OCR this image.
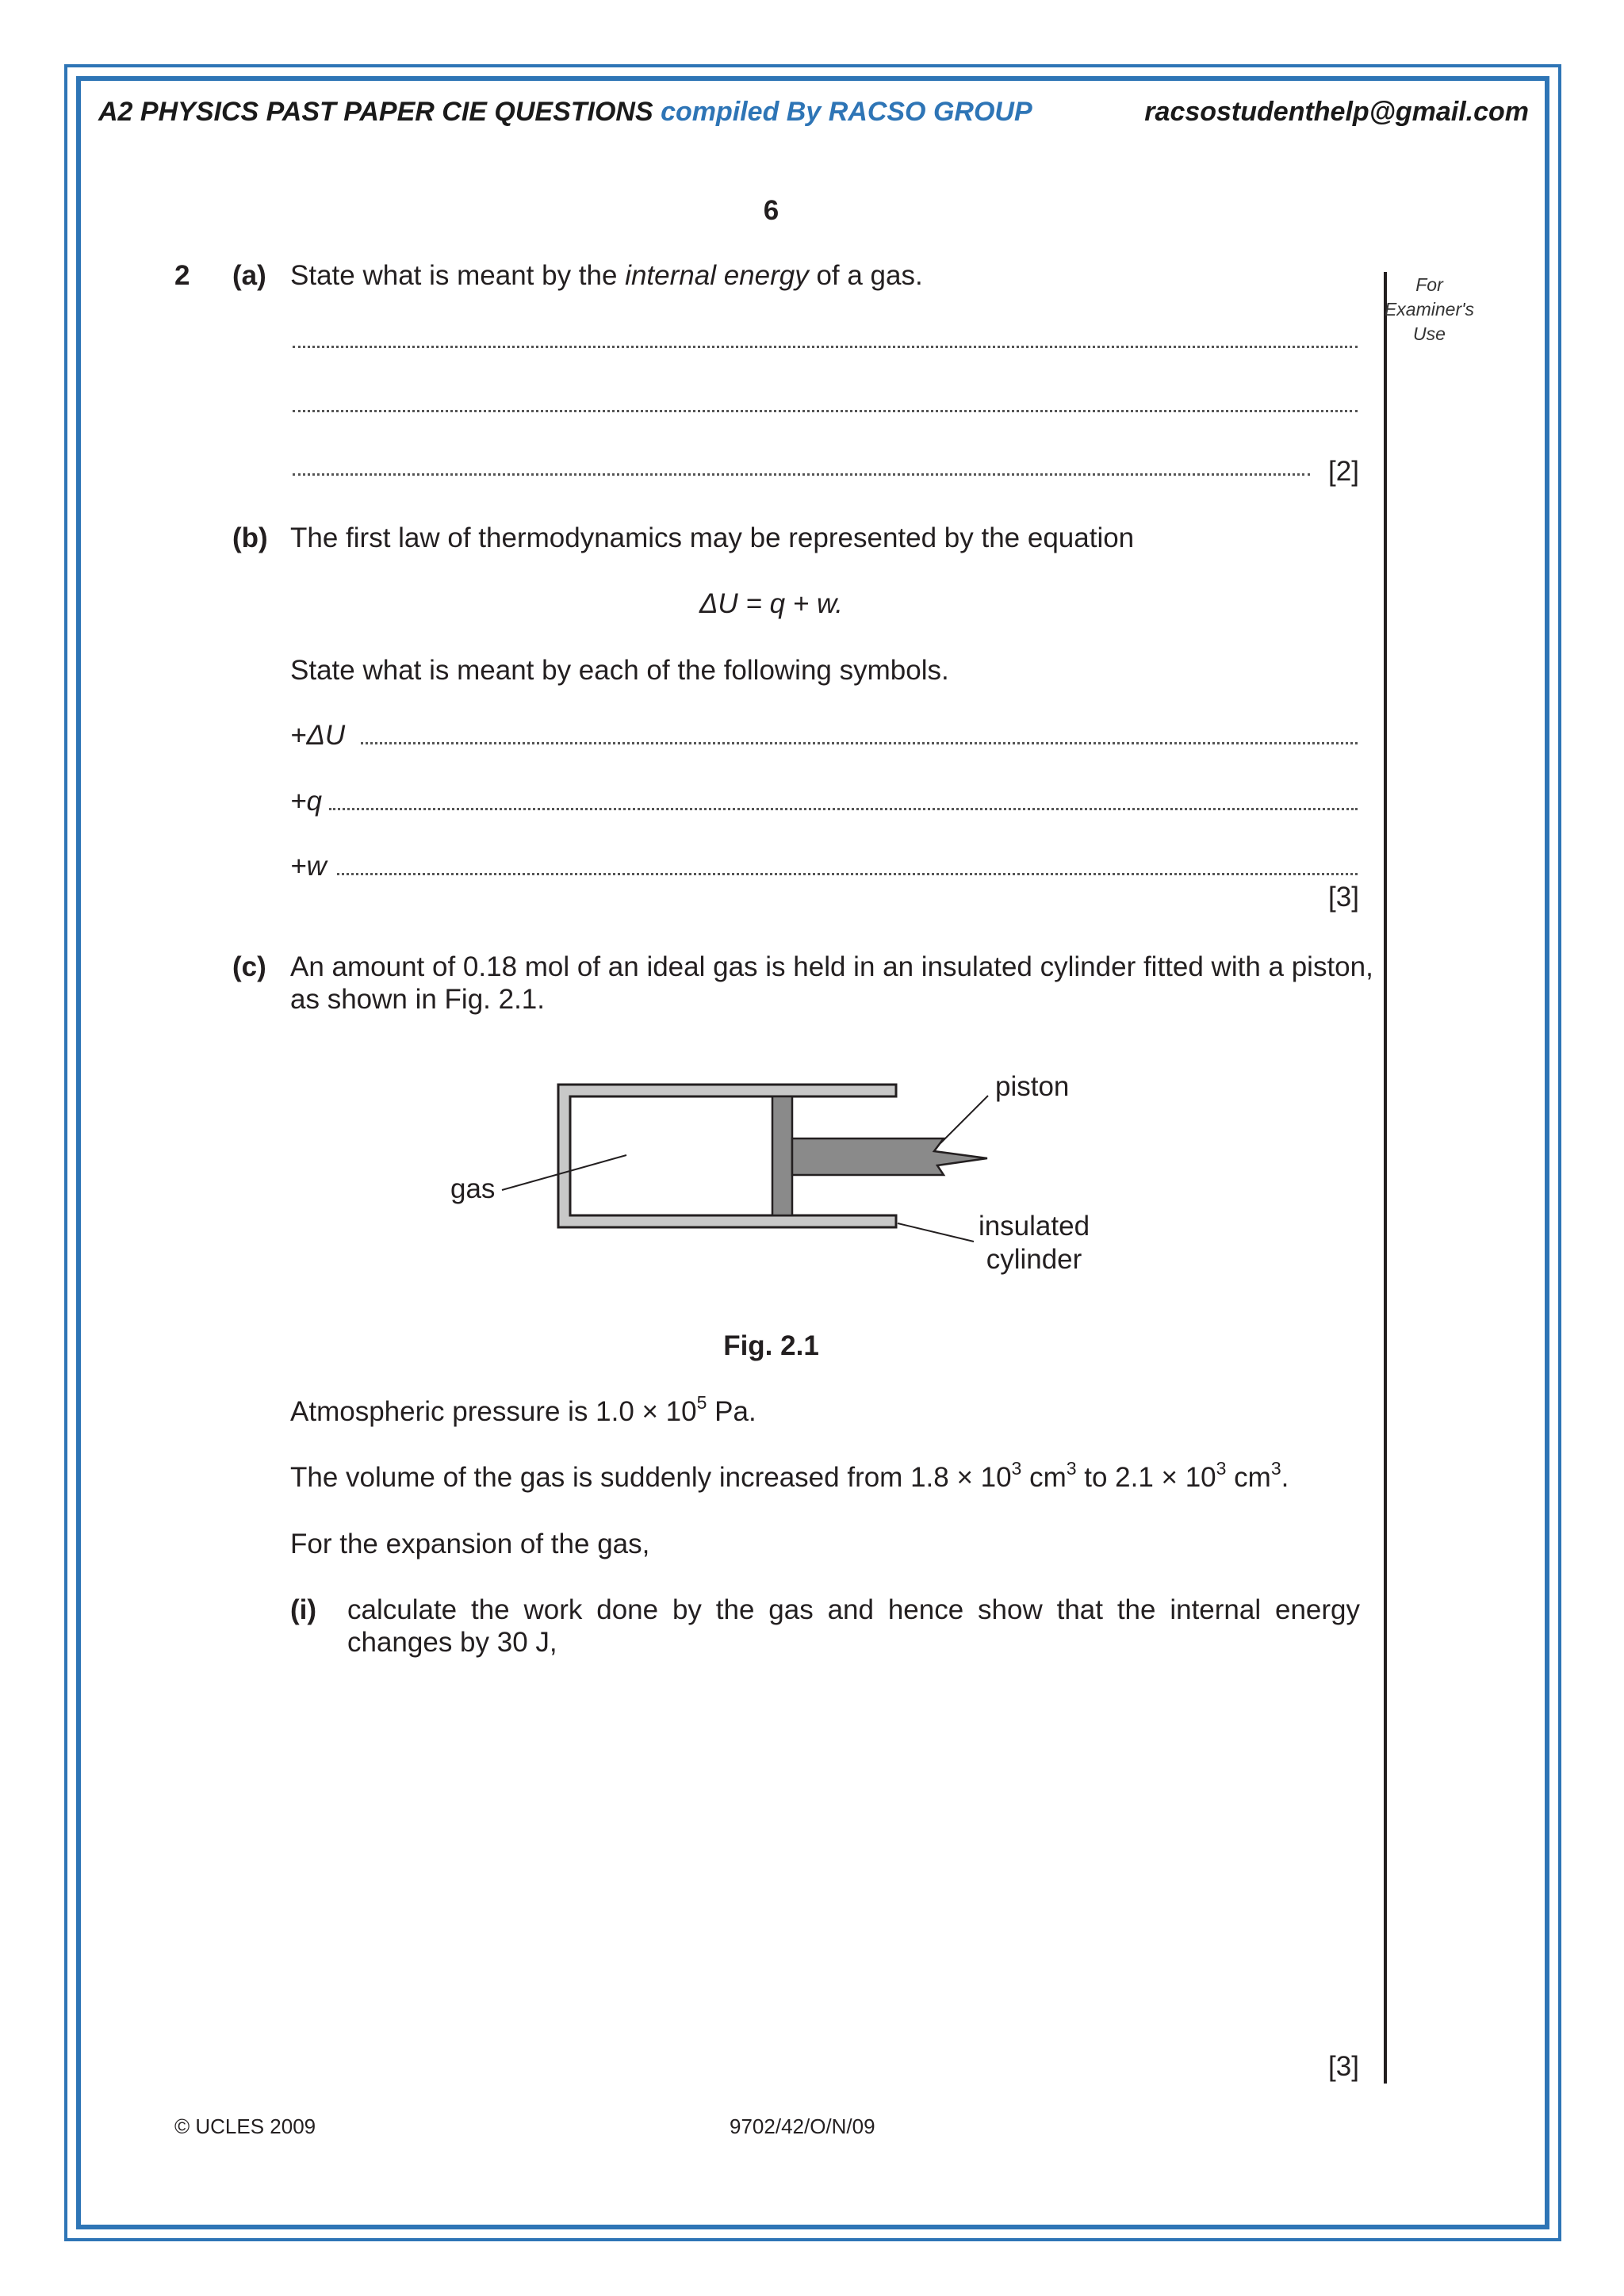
A2 PHYSICS PAST PAPER CIE QUESTIONS compiled By RACSO GROUP	racsostudenthelp@gmail.com
6
For
Examiner's
Use
2 (a) State what is meant by the internal energy of a gas.
[2]
(b) The first law of thermodynamics may be represented by the equation
ΔU = q + w.
State what is meant by each of the following symbols.
+ΔU
+q
+w
[3]
(c) An amount of 0.18 mol of an ideal gas is held in an insulated cylinder fitted with a piston,
as shown in Fig. 2.1.
gas
piston
insulated
cylinder
Fig. 2.1
Atmospheric pressure is $1.0 \times 10^5$ Pa.
The volume of the gas is suddenly increased from $1.8 \times 10^3$ $cm^3$ to $2.1 \times 10^3$ $cm^3$.
For the expansion of the gas,
(i) calculate the work done by the gas and hence show that the internal energy
changes by 30 J,
[3]
© UCLES 2009	9702/42/O/N/09
